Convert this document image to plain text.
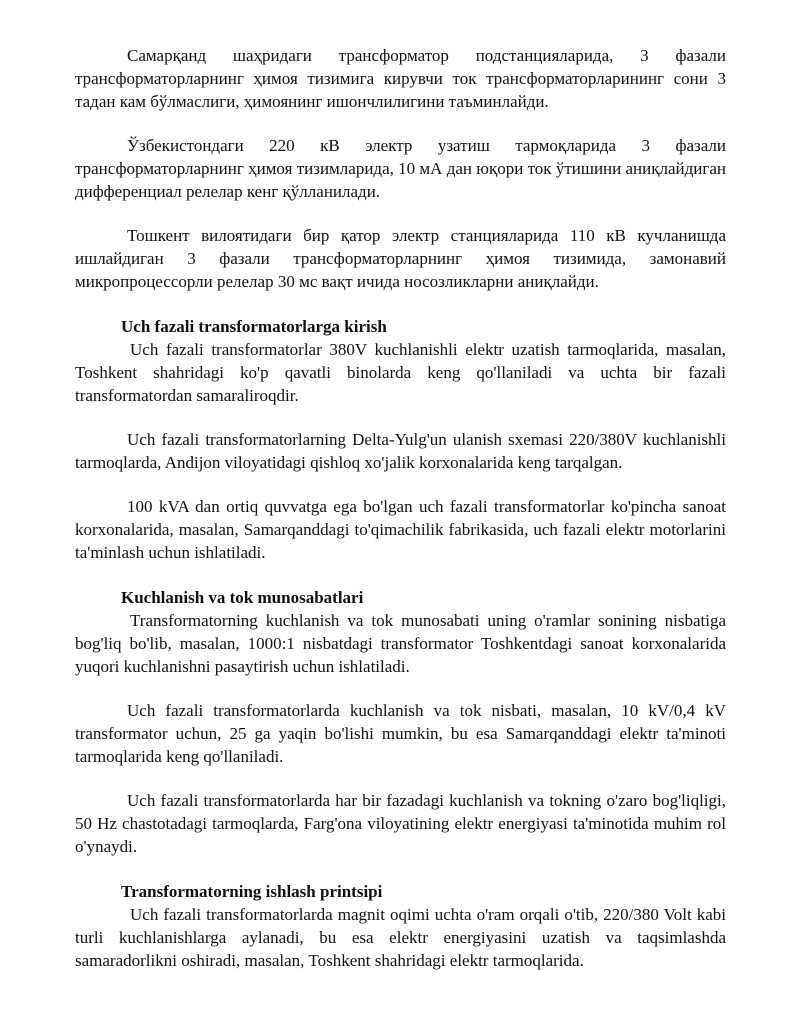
Самарқанд шаҳридаги трансформатор подстанцияларида, 3 фазали трансформаторларнинг ҳимоя тизимига кирувчи ток трансформаторларининг сони 3 тадан кам бўлмаслиги, ҳимоянинг ишончлилигини таъминлайди.

Ўзбекистондаги 220 кВ электр узатиш тармоқларида 3 фазали трансформаторларнинг ҳимоя тизимларида, 10 мА дан юқори ток ўтишини аниқлайдиган дифференциал релелар кенг қўлланилади.

Тошкент вилоятидаги бир қатор электр станцияларида 110 кВ кучланишда ишлайдиган 3 фазали трансформаторларнинг ҳимоя тизимида, замонавий микропроцессорли релелар 30 мс вақт ичида носозликларни аниқлайди.

Uch fazali transformatorlarga kirish

Uch fazali transformatorlar 380V kuchlanishli elektr uzatish tarmoqlarida, masalan, Toshkent shahridagi ko'p qavatli binolarda keng qo'llaniladi va uchta bir fazali transformatordan samaraliroqdir.

Uch fazali transformatorlarning Delta-Yulg'un ulanish sxemasi 220/380V kuchlanishli tarmoqlarda, Andijon viloyatidagi qishloq xo'jalik korxonalarida keng tarqalgan.

100 kVA dan ortiq quvvatga ega bo'lgan uch fazali transformatorlar ko'pincha sanoat korxonalarida, masalan, Samarqanddagi to'qimachilik fabrikasida, uch fazali elektr motorlarini ta'minlash uchun ishlatiladi.

Kuchlanish va tok munosabatlari

Transformatorning kuchlanish va tok munosabati uning o'ramlar sonining nisbatiga bog'liq bo'lib, masalan, 1000:1 nisbatdagi transformator Toshkentdagi sanoat korxonalarida yuqori kuchlanishni pasaytirish uchun ishlatiladi.

Uch fazali transformatorlarda kuchlanish va tok nisbati, masalan, 10 kV/0,4 kV transformator uchun, 25 ga yaqin bo'lishi mumkin, bu esa Samarqanddagi elektr ta'minoti tarmoqlarida keng qo'llaniladi.

Uch fazali transformatorlarda har bir fazadagi kuchlanish va tokning o'zaro bog'liqligi, 50 Hz chastotadagi tarmoqlarda, Farg'ona viloyatining elektr energiyasi ta'minotida muhim rol o'ynaydi.

Transformatorning ishlash printsipi

Uch fazali transformatorlarda magnit oqimi uchta o'ram orqali o'tib, 220/380 Volt kabi turli kuchlanishlarga aylanadi, bu esa elektr energiyasini uzatish va taqsimlashda samaradorlikni oshiradi, masalan, Toshkent shahridagi elektr tarmoqlarida.
